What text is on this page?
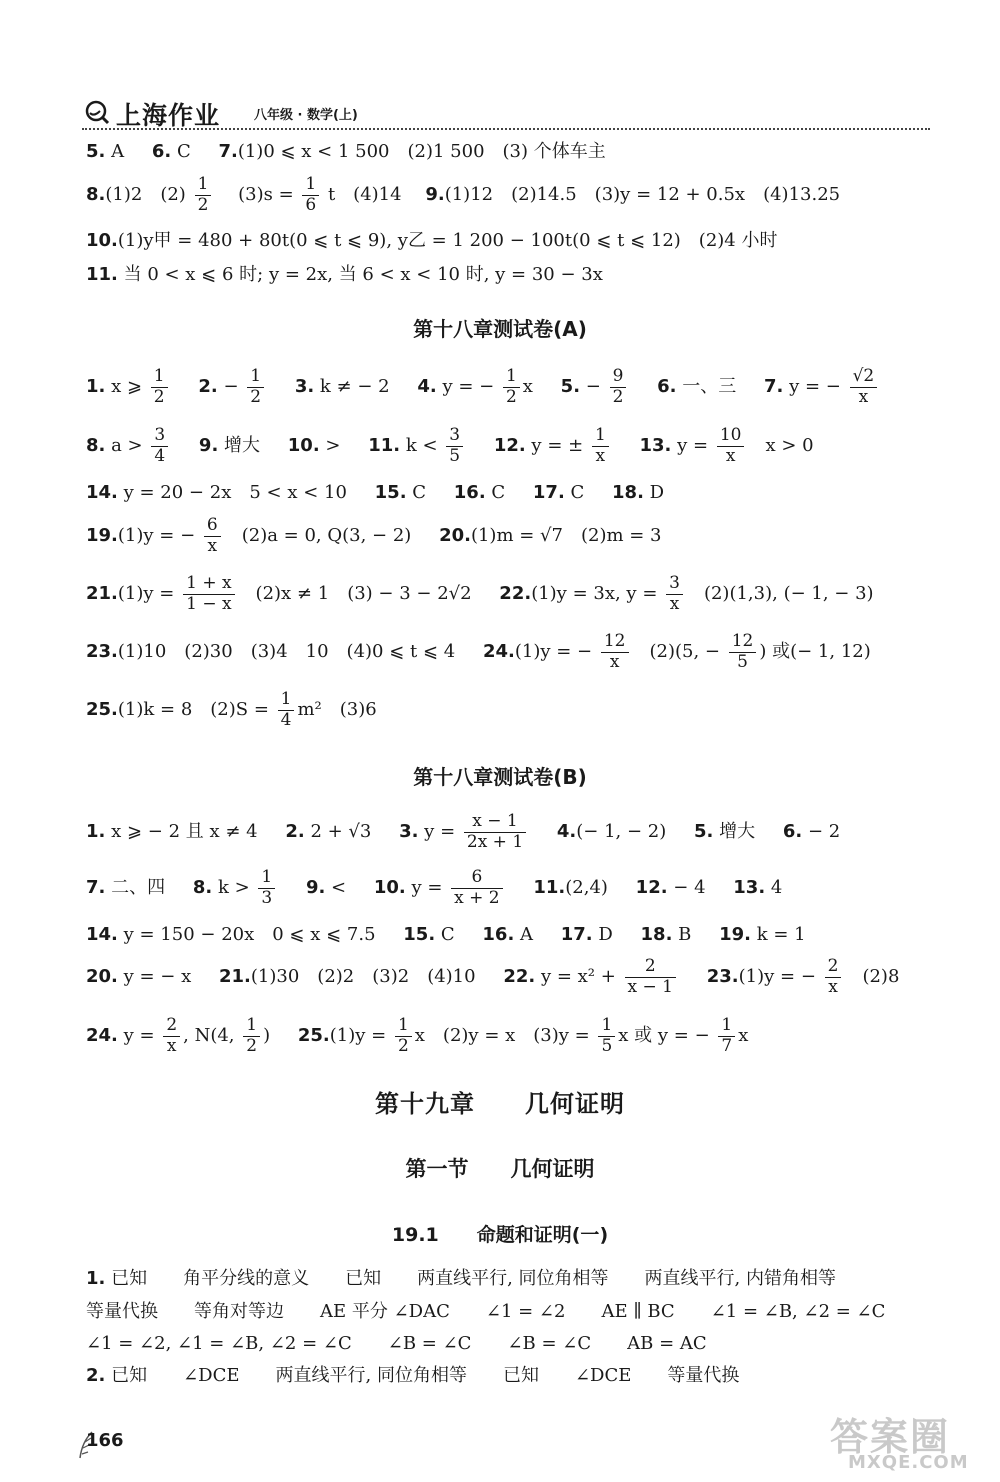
上海作业	八年级 · 数学(上)
5. A 6. C 7.(1)0 ⩽ x < 1 500　(2)1 500　(3) 个体车主
8.(1)2　$(2) \frac{1}{2}$ 　$(3)s = \frac{1}{6}$ t　(4)14　 9.(1)12　(2)14.5　(3)y = 12 + 0.5x　(4)13.25
10.(1)y甲 = 480 + 80t(0 ⩽ t ⩽ 9), y乙 = 1 200 − 100t(0 ⩽ t ⩽ 12)　(2)4 小时
11. 当 0 < x ⩽ 6 时; y = 2x, 当 6 < x < 10 时, y = 30 − 3x
第十八章测试卷(A)
1. x ⩾ $\frac{1}{2} 2$. − $\frac{1}{2} 3$. k ≠ − 2 4. y = − $\frac{1}{2}$ x 5. − $\frac{9}{2} 6$. 一、三 7. y = − $\frac{√2}{x}$
8. $a > \frac{3}{4} 9$. 增大 10. > 11. $k < \frac{3}{5} 12$. y = ± $\frac{1}{x} 13$. $y = \frac{10}{x}$ 　x > 0
14. y = 20 − 2x　5 < x < 10 15. C 16. C 17. C 18. D
19.(1)y = − $\frac{6}{x}$ 　(2)a = 0, Q(3, − 2) 20.(1)m = √7　(2)m = 3
$21.(1)y = \frac{1 + x}{1 - x}$ 　(2)x ≠ 1　(3) − 3 − 2√2 22.(1)y = 3x, $y = \frac{3}{x}$ 　(2)(1,3), (− 1, − 3)
23.(1)10　(2)30　(3)4　10　(4)0 ⩽ t ⩽ 4 24.(1)y = − $\frac{12}{x}$ 　(2)(5, − $\frac{12}{5}$ ) 或(− 1, 12)
25.(1)k = 8　$(2)S = \frac{1}{4} m^2$　(3)6
第十八章测试卷(B)
1. x ⩾ − 2 且 x ≠ 4 2. 2 + √3 3. $y = \frac{x - 1}{2x + 1} 4.(- 1$, − 2) 5. 增大 6. − 2
7. 二、四 8. $k > \frac{1}{3} 9$. < 10. $y = \frac{6}{x + 2} 11.(2,4) 12$. − 4 13. 4
14. y = 150 − 20x　0 ⩽ x ⩽ 7.5 15. C 16. A 17. D 18. B 19. k = 1
20. y = − x 21.(1)30　(2)2　(3)2　(4)10 22. $y = x^2 + \frac{2}{x - 1} 23.(1)y$ = − $\frac{2}{x}$ 　(2)8
24. $y = \frac{2}{x}$ , N(4, $\frac{1}{2}$ ) $25.(1)y = \frac{1}{2}$ x　(2)y = x　$(3)y = \frac{1}{5}$ x 或 y = − $\frac{1}{7}$ x
第十九章　　几何证明
第一节　　几何证明
19.1　　命题和证明(一)
1. 已知　　角平分线的意义　　已知　　两直线平行, 同位角相等　　两直线平行, 内错角相等
等量代换　　等角对等边　　AE 平分 ∠DAC　　∠1 = ∠2　　AE ∥ BC　　∠1 = ∠B, ∠2 = ∠C
∠1 = ∠2, ∠1 = ∠B, ∠2 = ∠C　　∠B = ∠C　　∠B = ∠C　　AB = AC
2. 已知　　∠DCE　　两直线平行, 同位角相等　　已知　　∠DCE　　等量代换
166	答案圈
MXQE.COM
